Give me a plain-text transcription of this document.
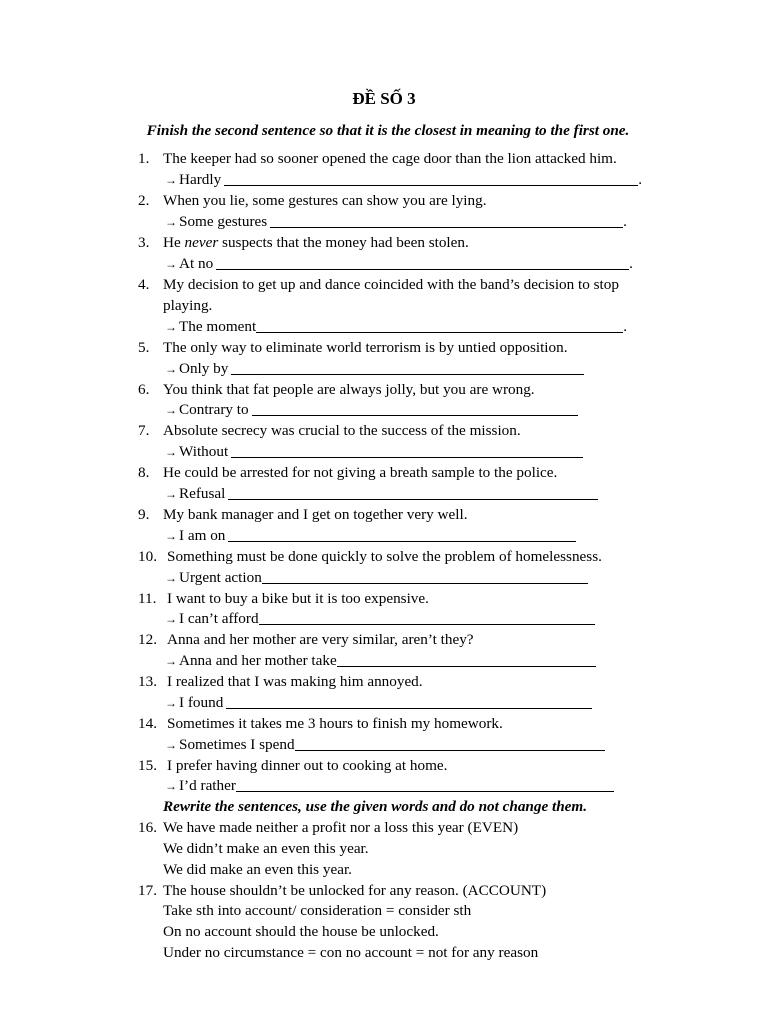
ĐỀ SỐ 3
Finish the second sentence so that it is the closest in meaning to the first one.
1. The keeper had so sooner opened the cage door than the lion attacked him.
→ Hardly	.
2. When you lie, some gestures can show you are lying.
→ Some gestures	.
3. He never suspects that the money had been stolen.
→ At no	.
4. My decision to get up and dance coincided with the band’s decision to stop
playing.
→ The moment	.
5. The only way to eliminate world terrorism is by untied opposition.
→ Only by
6. You think that fat people are always jolly, but you are wrong.
→ Contrary to
7. Absolute secrecy was crucial to the success of the mission.
→ Without
8. He could be arrested for not giving a breath sample to the police.
→ Refusal
9. My bank manager and I get on together very well.
→ I am on
10. Something must be done quickly to solve the problem of homelessness.
→ Urgent action
11. I want to buy a bike but it is too expensive.
→ I can’t afford
12. Anna and her mother are very similar, aren’t they?
→ Anna and her mother take
13. I realized that I was making him annoyed.
→ I found
14. Sometimes it takes me 3 hours to finish my homework.
→ Sometimes I spend
15. I prefer having dinner out to cooking at home.
→ I’d rather
Rewrite the sentences, use the given words and do not change them.
16. We have made neither a profit nor a loss this year (EVEN)
We didn’t make an even this year.
We did make an even this year.
17. The house shouldn’t be unlocked for any reason. (ACCOUNT)
Take sth into account/ consideration = consider sth
On no account should the house be unlocked.
Under no circumstance = con no account = not for any reason
